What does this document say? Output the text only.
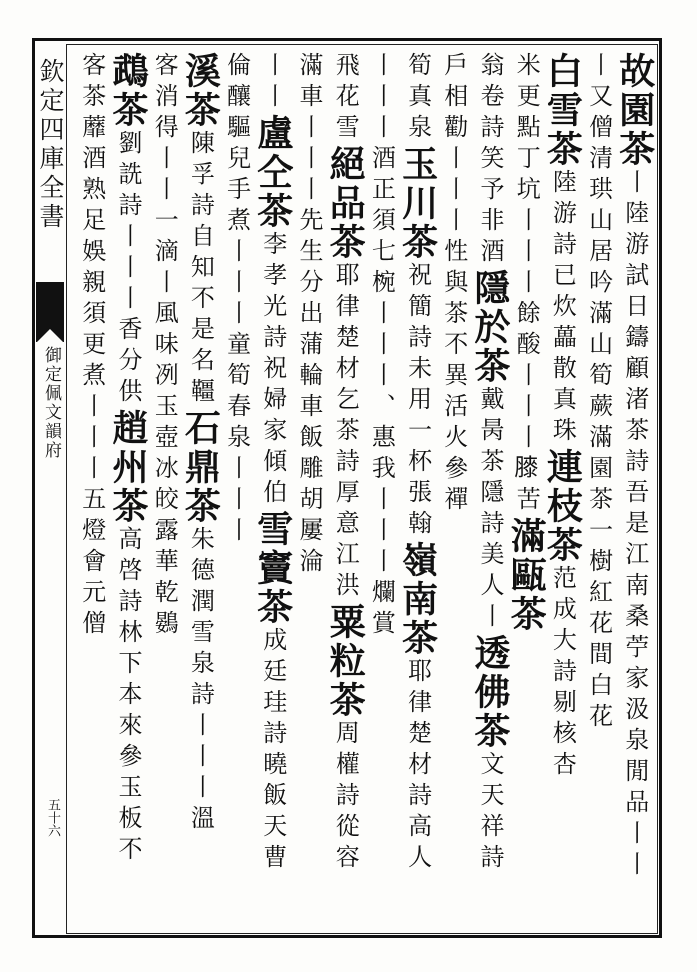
欽定四庫全書
御定佩文韻府
五十六
故園茶丨陸游試日鑄顧渚茶詩吾是江南桑苧家汲泉閒品丨丨
丨又僧清珙山居吟滿山筍蕨滿園茶一樹紅花間白花
白雪茶陸游詩已炊藟散真珠連枝茶范成大詩剔核杏
米更點丁坑丨丨丨餘酸丨丨丨𦡀苦滿甌茶
翁卷詩笑予非酒隱於茶戴昺茶隱詩美人丨透佛茶文天祥詩
戶相勸丨丨丨性與茶不異活火參禪
筍真泉玉川茶祝簡詩未用一杯張翰嶺南茶耶律楚材詩高人
丨丨丨酒正須七椀丨丨丨、惠我丨丨丨爛賞
飛花雪絕品茶耶律楚材乞茶詩厚意江洪粟粒茶周權詩從容
滿車丨丨丨先生分出蒲輪車飯雕胡屢淪
丨丨盧仝茶李孝光詩祝婦家傾伯雪竇茶成廷珪詩曉飯天曹
倫釀驅兒手煮丨丨丨童筍春泉丨丨丨
溪茶陳孚詩自知不是名韁石鼎茶朱德潤雪泉詩丨丨丨溫
客消得丨丨一滴丨風味冽玉壺冰皎露華乾鷃
鵡茶劉詵詩丨丨丨香分供趙州茶高啓詩林下本來參玉板不
客茶蘼酒熟足娛親須更煮丨丨丨五燈會元僧
